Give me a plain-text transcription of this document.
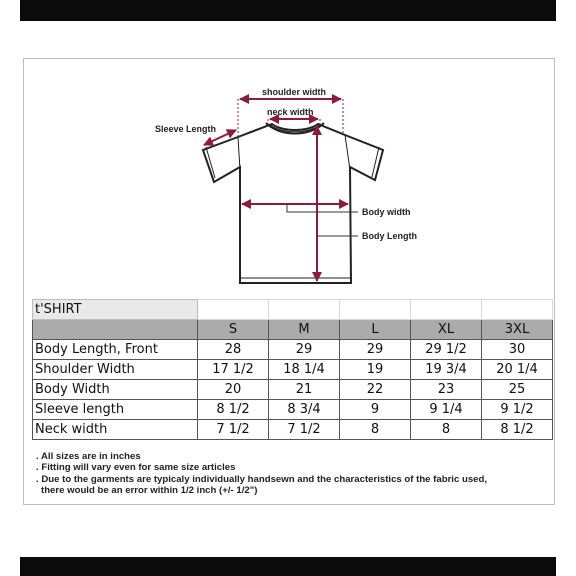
shoulder width
neck width
Sleeve Length
Body width
Body Length
t'SHIRT					
	S	M	L	XL	3XL
Body Length, Front	28	29	29	29 1/2	30
Shoulder Width	17 1/2	18 1/4	19	19 3/4	20 1/4
Body Width	20	21	22	23	25
Sleeve length	8 1/2	8 3/4	9	9 1/4	9 1/2
Neck width	7 1/2	7 1/2	8	8	8 1/2
. All sizes are in inches
. Fitting will vary even for same size articles
. Due to the garments are typicaly individually handsewn and the characteristics of the fabric used,
there would be an error within 1/2 inch (+/- 1/2")
